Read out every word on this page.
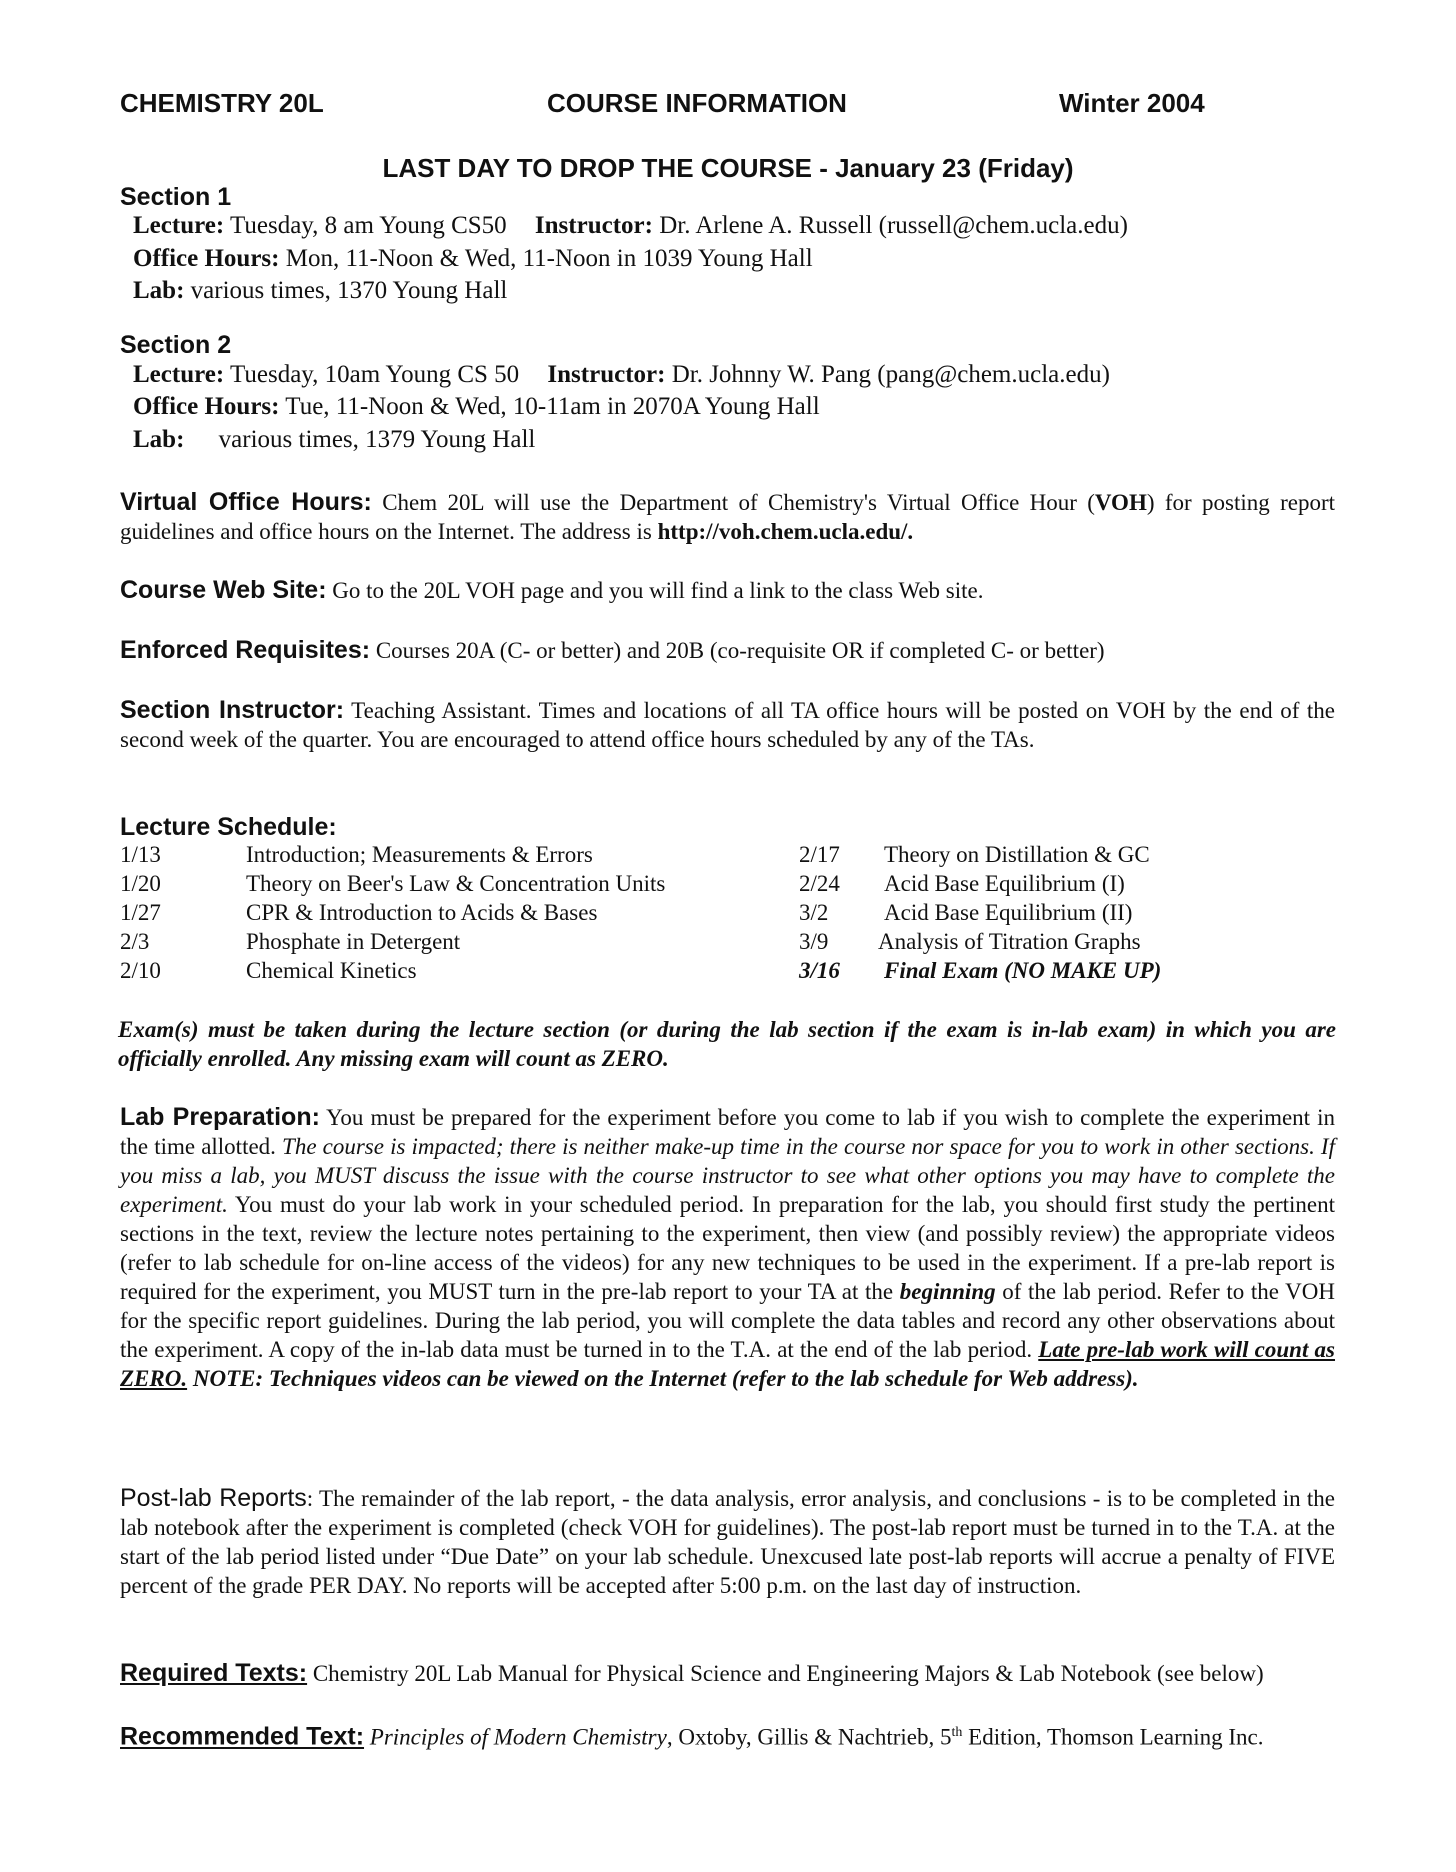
CHEMISTRY 20L	COURSE INFORMATION	Winter 2004
LAST DAY TO DROP THE COURSE - January 23 (Friday)
Section 1
Lecture: Tuesday, 8 am Young CS50 Instructor: Dr. Arlene A. Russell (russell@chem.ucla.edu)
Office Hours: Mon, 11-Noon & Wed, 11-Noon in 1039 Young Hall
Lab: various times, 1370 Young Hall
Section 2
Lecture: Tuesday, 10am Young CS 50 Instructor: Dr. Johnny W. Pang (pang@chem.ucla.edu)
Office Hours: Tue, 11-Noon & Wed, 10-11am in 2070A Young Hall
Lab: various times, 1379 Young Hall
Virtual Office Hours: Chem 20L will use the Department of Chemistry's Virtual Office Hour (VOH) for posting report guidelines and office hours on the Internet. The address is http://voh.chem.ucla.edu/.
Course Web Site: Go to the 20L VOH page and you will find a link to the class Web site.
Enforced Requisites: Courses 20A (C- or better) and 20B (co-requisite OR if completed C- or better)
Section Instructor: Teaching Assistant. Times and locations of all TA office hours will be posted on VOH by the end of the second week of the quarter. You are encouraged to attend office hours scheduled by any of the TAs.
Lecture Schedule:
1/13	Introduction; Measurements & Errors
1/20	Theory on Beer's Law & Concentration Units
1/27	CPR & Introduction to Acids & Bases
2/3	Phosphate in Detergent
2/10	Chemical Kinetics
2/17 Theory on Distillation & GC
2/24 Acid Base Equilibrium (I)
3/2 Acid Base Equilibrium (II)
3/9 Analysis of Titration Graphs
3/16 Final Exam (NO MAKE UP)
Exam(s) must be taken during the lecture section (or during the lab section if the exam is in-lab exam) in which you are officially enrolled. Any missing exam will count as ZERO.
Lab Preparation: You must be prepared for the experiment before you come to lab if you wish to complete the experiment in the time allotted. The course is impacted; there is neither make-up time in the course nor space for you to work in other sections. If you miss a lab, you MUST discuss the issue with the course instructor to see what other options you may have to complete the experiment. You must do your lab work in your scheduled period. In preparation for the lab, you should first study the pertinent sections in the text, review the lecture notes pertaining to the experiment, then view (and possibly review) the appropriate videos (refer to lab schedule for on-line access of the videos) for any new techniques to be used in the experiment. If a pre-lab report is required for the experiment, you MUST turn in the pre-lab report to your TA at the beginning of the lab period. Refer to the VOH for the specific report guidelines. During the lab period, you will complete the data tables and record any other observations about the experiment. A copy of the in-lab data must be turned in to the T.A. at the end of the lab period. Late pre-lab work will count as ZERO. NOTE: Techniques videos can be viewed on the Internet (refer to the lab schedule for Web address).
Post-lab Reports: The remainder of the lab report, - the data analysis, error analysis, and conclusions - is to be completed in the lab notebook after the experiment is completed (check VOH for guidelines). The post-lab report must be turned in to the T.A. at the start of the lab period listed under “Due Date” on your lab schedule. Unexcused late post-lab reports will accrue a penalty of FIVE percent of the grade PER DAY. No reports will be accepted after 5:00 p.m. on the last day of instruction.
Required Texts: Chemistry 20L Lab Manual for Physical Science and Engineering Majors & Lab Notebook (see below)
Recommended Text: Principles of Modern Chemistry, Oxtoby, Gillis & Nachtrieb, 5th Edition, Thomson Learning Inc.
